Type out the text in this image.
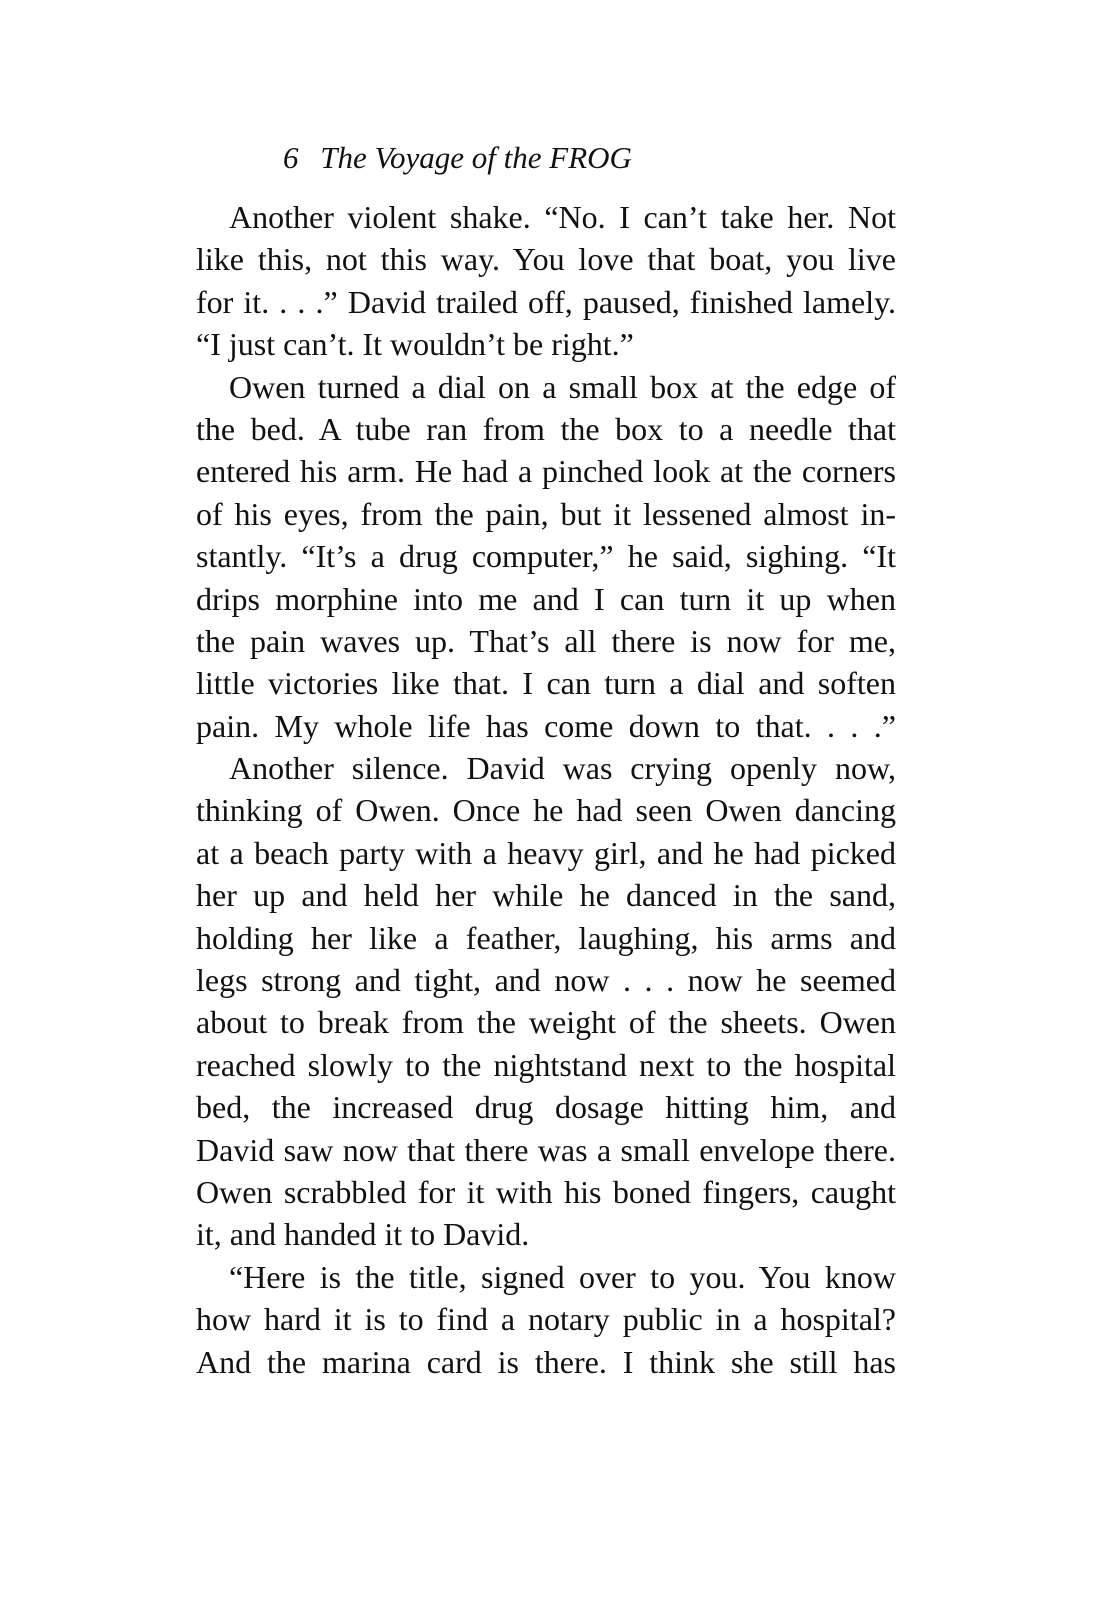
6 The Voyage of the FROG
Another violent shake. “No. I can’t take her. Not
like this, not this way. You love that boat, you live
for it. . . .” David trailed off, paused, finished lamely.
“I just can’t. It wouldn’t be right.”
Owen turned a dial on a small box at the edge of
the bed. A tube ran from the box to a needle that
entered his arm. He had a pinched look at the corners
of his eyes, from the pain, but it lessened almost in-
stantly. “It’s a drug computer,” he said, sighing. “It
drips morphine into me and I can turn it up when
the pain waves up. That’s all there is now for me,
little victories like that. I can turn a dial and soften
pain. My whole life has come down to that. . . .”
Another silence. David was crying openly now,
thinking of Owen. Once he had seen Owen dancing
at a beach party with a heavy girl, and he had picked
her up and held her while he danced in the sand,
holding her like a feather, laughing, his arms and
legs strong and tight, and now . . . now he seemed
about to break from the weight of the sheets. Owen
reached slowly to the nightstand next to the hospital
bed, the increased drug dosage hitting him, and
David saw now that there was a small envelope there.
Owen scrabbled for it with his boned fingers, caught
it, and handed it to David.
“Here is the title, signed over to you. You know
how hard it is to find a notary public in a hospital?
And the marina card is there. I think she still has
